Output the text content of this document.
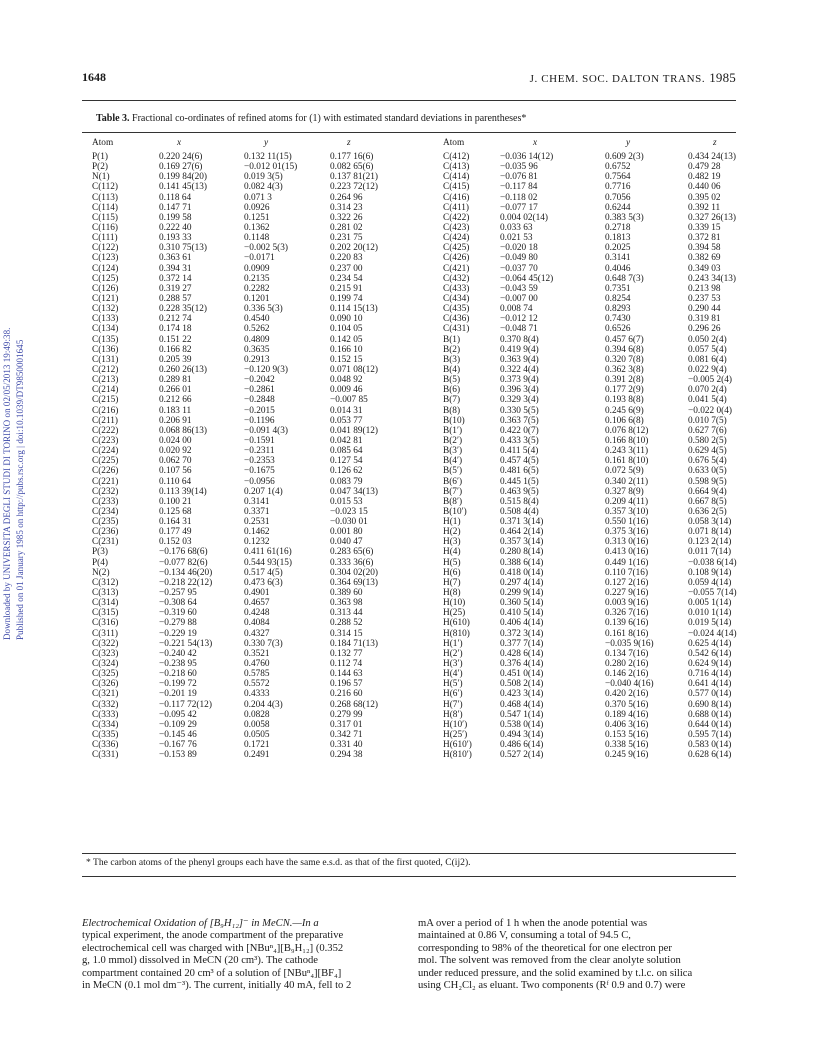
Downloaded by UNIVERSITA DEGLI STUDI DI TORINO on 02/05/2013 19:49:38. Published on 01 January 1985 on http://pubs.rsc.org | doi:10.1039/DT9850001645
1648	J. CHEM. SOC. DALTON TRANS. 1985
Table 3. Fractional co-ordinates of refined atoms for (1) with estimated standard deviations in parentheses*
Atom	x	y	z
P(1)	0.220 24(6)	0.132 11(15)	0.177 16(6)
P(2)	0.169 27(6)	−0.012 01(15)	0.082 65(6)
N(1)	0.199 84(20)	0.019 3(5)	0.137 81(21)
C(112)	0.141 45(13)	0.082 4(3)	0.223 72(12)
C(113)	0.118 64	0.071 3	0.264 96
C(114)	0.147 71	0.0926	0.314 23
C(115)	0.199 58	0.1251	0.322 26
C(116)	0.222 40	0.1362	0.281 02
C(111)	0.193 33	0.1148	0.231 75
C(122)	0.310 75(13)	−0.002 5(3)	0.202 20(12)
C(123)	0.363 61	−0.0171	0.220 83
C(124)	0.394 31	0.0909	0.237 00
C(125)	0.372 14	0.2135	0.234 54
C(126)	0.319 27	0.2282	0.215 91
C(121)	0.288 57	0.1201	0.199 74
C(132)	0.228 35(12)	0.336 5(3)	0.114 15(13)
C(133)	0.212 74	0.4540	0.090 10
C(134)	0.174 18	0.5262	0.104 05
C(135)	0.151 22	0.4809	0.142 05
C(136)	0.166 82	0.3635	0.166 10
C(131)	0.205 39	0.2913	0.152 15
C(212)	0.260 26(13)	−0.120 9(3)	0.071 08(12)
C(213)	0.289 81	−0.2042	0.048 92
C(214)	0.266 01	−0.2861	0.009 46
C(215)	0.212 66	−0.2848	−0.007 85
C(216)	0.183 11	−0.2015	0.014 31
C(211)	0.206 91	−0.1196	0.053 77
C(222)	0.068 86(13)	−0.091 4(3)	0.041 89(12)
C(223)	0.024 00	−0.1591	0.042 81
C(224)	0.020 92	−0.2311	0.085 64
C(225)	0.062 70	−0.2353	0.127 54
C(226)	0.107 56	−0.1675	0.126 62
C(221)	0.110 64	−0.0956	0.083 79
C(232)	0.113 39(14)	0.207 1(4)	0.047 34(13)
C(233)	0.100 21	0.3141	0.015 53
C(234)	0.125 68	0.3371	−0.023 15
C(235)	0.164 31	0.2531	−0.030 01
C(236)	0.177 49	0.1462	0.001 80
C(231)	0.152 03	0.1232	0.040 47
P(3)	−0.176 68(6)	0.411 61(16)	0.283 65(6)
P(4)	−0.077 82(6)	0.544 93(15)	0.333 36(6)
N(2)	−0.134 46(20)	0.517 4(5)	0.304 02(20)
C(312)	−0.218 22(12)	0.473 6(3)	0.364 69(13)
C(313)	−0.257 95	0.4901	0.389 60
C(314)	−0.308 64	0.4657	0.363 98
C(315)	−0.319 60	0.4248	0.313 44
C(316)	−0.279 88	0.4084	0.288 52
C(311)	−0.229 19	0.4327	0.314 15
C(322)	−0.221 54(13)	0.330 7(3)	0.184 71(13)
C(323)	−0.240 42	0.3521	0.132 77
C(324)	−0.238 95	0.4760	0.112 74
C(325)	−0.218 60	0.5785	0.144 63
C(326)	−0.199 72	0.5572	0.196 57
C(321)	−0.201 19	0.4333	0.216 60
C(332)	−0.117 72(12)	0.204 4(3)	0.268 68(12)
C(333)	−0.095 42	0.0828	0.279 99
C(334)	−0.109 29	0.0058	0.317 01
C(335)	−0.145 46	0.0505	0.342 71
C(336)	−0.167 76	0.1721	0.331 40
C(331)	−0.153 89	0.2491	0.294 38
Atom	x	y	z
C(412)	−0.036 14(12)	0.609 2(3)	0.434 24(13)
C(413)	−0.035 96	0.6752	0.479 28
C(414)	−0.076 81	0.7564	0.482 19
C(415)	−0.117 84	0.7716	0.440 06
C(416)	−0.118 02	0.7056	0.395 02
C(411)	−0.077 17	0.6244	0.392 11
C(422)	0.004 02(14)	0.383 5(3)	0.327 26(13)
C(423)	0.033 63	0.2718	0.339 15
C(424)	0.021 53	0.1813	0.372 81
C(425)	−0.020 18	0.2025	0.394 58
C(426)	−0.049 80	0.3141	0.382 69
C(421)	−0.037 70	0.4046	0.349 03
C(432)	−0.064 45(12)	0.648 7(3)	0.243 34(13)
C(433)	−0.043 59	0.7351	0.213 98
C(434)	−0.007 00	0.8254	0.237 53
C(435)	0.008 74	0.8293	0.290 44
C(436)	−0.012 12	0.7430	0.319 81
C(431)	−0.048 71	0.6526	0.296 26
B(1)	0.370 8(4)	0.457 6(7)	0.050 2(4)
B(2)	0.419 9(4)	0.394 6(8)	0.057 5(4)
B(3)	0.363 9(4)	0.320 7(8)	0.081 6(4)
B(4)	0.322 4(4)	0.362 3(8)	0.022 9(4)
B(5)	0.373 9(4)	0.391 2(8)	−0.005 2(4)
B(6)	0.396 3(4)	0.177 2(9)	0.070 2(4)
B(7)	0.329 3(4)	0.193 8(8)	0.041 5(4)
B(8)	0.330 5(5)	0.245 6(9)	−0.022 0(4)
B(10)	0.363 7(5)	0.106 6(8)	0.010 7(5)
B(1′)	0.422 0(7)	0.076 8(12)	0.627 7(6)
B(2′)	0.433 3(5)	0.166 8(10)	0.580 2(5)
B(3′)	0.411 5(4)	0.243 3(11)	0.629 4(5)
B(4′)	0.457 4(5)	0.161 8(10)	0.676 5(4)
B(5′)	0.481 6(5)	0.072 5(9)	0.633 0(5)
B(6′)	0.445 1(5)	0.340 2(11)	0.598 9(5)
B(7′)	0.463 9(5)	0.327 8(9)	0.664 9(4)
B(8′)	0.515 8(4)	0.209 4(11)	0.667 8(5)
B(10′)	0.508 4(4)	0.357 3(10)	0.636 2(5)
H(1)	0.371 3(14)	0.550 1(16)	0.058 3(14)
H(2)	0.464 2(14)	0.375 3(16)	0.071 8(14)
H(3)	0.357 3(14)	0.313 0(16)	0.123 2(14)
H(4)	0.280 8(14)	0.413 0(16)	0.011 7(14)
H(5)	0.388 6(14)	0.449 1(16)	−0.038 6(14)
H(6)	0.418 0(14)	0.110 7(16)	0.108 9(14)
H(7)	0.297 4(14)	0.127 2(16)	0.059 4(14)
H(8)	0.299 9(14)	0.227 9(16)	−0.055 7(14)
H(10)	0.360 5(14)	0.003 9(16)	0.005 1(14)
H(25)	0.410 5(14)	0.326 7(16)	0.010 1(14)
H(610)	0.406 4(14)	0.139 6(16)	0.019 5(14)
H(810)	0.372 3(14)	0.161 8(16)	−0.024 4(14)
H(1′)	0.377 7(14)	−0.035 9(16)	0.625 4(14)
H(2′)	0.428 6(14)	0.134 7(16)	0.542 6(14)
H(3′)	0.376 4(14)	0.280 2(16)	0.624 9(14)
H(4′)	0.451 0(14)	0.146 2(16)	0.716 4(14)
H(5′)	0.508 2(14)	−0.040 4(16)	0.641 4(14)
H(6′)	0.423 3(14)	0.420 2(16)	0.577 0(14)
H(7′)	0.468 4(14)	0.370 5(16)	0.690 8(14)
H(8′)	0.547 1(14)	0.189 4(16)	0.688 0(14)
H(10′)	0.538 0(14)	0.406 3(16)	0.644 0(14)
H(25′)	0.494 3(14)	0.153 5(16)	0.595 7(14)
H(610′)	0.486 6(14)	0.338 5(16)	0.583 0(14)
H(810′)	0.527 2(14)	0.245 9(16)	0.628 6(14)
* The carbon atoms of the phenyl groups each have the same e.s.d. as that of the first quoted, C(ij2).
Electrochemical Oxidation of [B₉H₁₂]⁻ in MeCN.—In a
typical experiment, the anode compartment of the preparative
electrochemical cell was charged with [NBuⁿ₄][B₉H₁₂] (0.352
g, 1.0 mmol) dissolved in MeCN (20 cm³). The cathode
compartment contained 20 cm³ of a solution of [NBuⁿ₄][BF₄]
in MeCN (0.1 mol dm⁻³). The current, initially 40 mA, fell to 2
mA over a period of 1 h when the anode potential was
maintained at 0.86 V, consuming a total of 94.5 C,
corresponding to 98% of the theoretical for one electron per
mol. The solvent was removed from the clear anolyte solution
under reduced pressure, and the solid examined by t.l.c. on silica
using CH₂Cl₂ as eluant. Two components (Rᶠ 0.9 and 0.7) were
